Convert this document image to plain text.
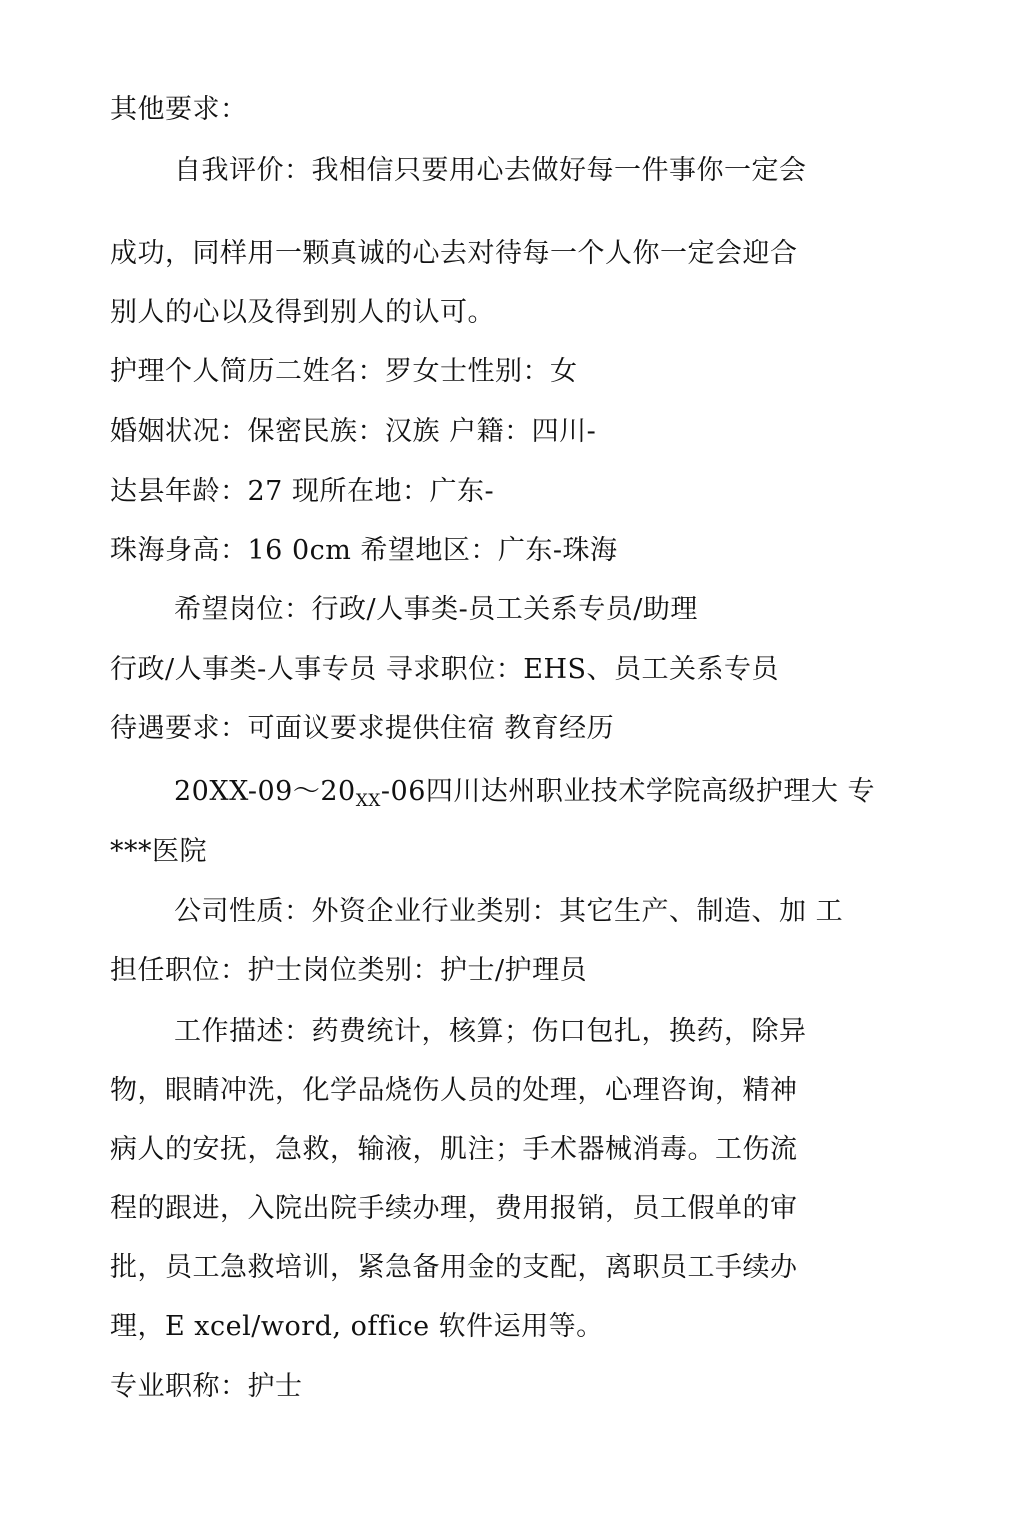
其他要求：
自我评价：我相信只要用心去做好每一件事你一定会
成功，同样用一颗真诚的心去对待每一个人你一定会迎合
别人的心以及得到别人的认可。
护理个人简历二姓名：罗女士性别：女
婚姻状况：保密民族：汉族 户籍：四川-
达县年龄：27 现所在地：广东-
珠海身高：16 0cm 希望地区：广东-珠海
希望岗位：行政/人事类-员工关系专员/助理
行政/人事类-人事专员 寻求职位：EHS、员工关系专员
待遇要求：可面议要求提供住宿 教育经历
$20XX-09\sim 20_{XX}-06$四川达州职业技术学院高级护理大 专
***医院
公司性质：外资企业行业类别：其它生产、制造、加 工
担任职位：护士岗位类别：护士/护理员
工作描述：药费统计，核算；伤口包扎，换药，除异
物，眼睛冲洗，化学品烧伤人员的处理，心理咨询，精神
病人的安抚，急救，输液，肌注；手术器械消毒。工伤流
程的跟进，入院出院手续办理，费用报销，员工假单的审
批，员工急救培训，紧急备用金的支配，离职员工手续办
理，E xcel/word, office 软件运用等。
专业职称：护士
